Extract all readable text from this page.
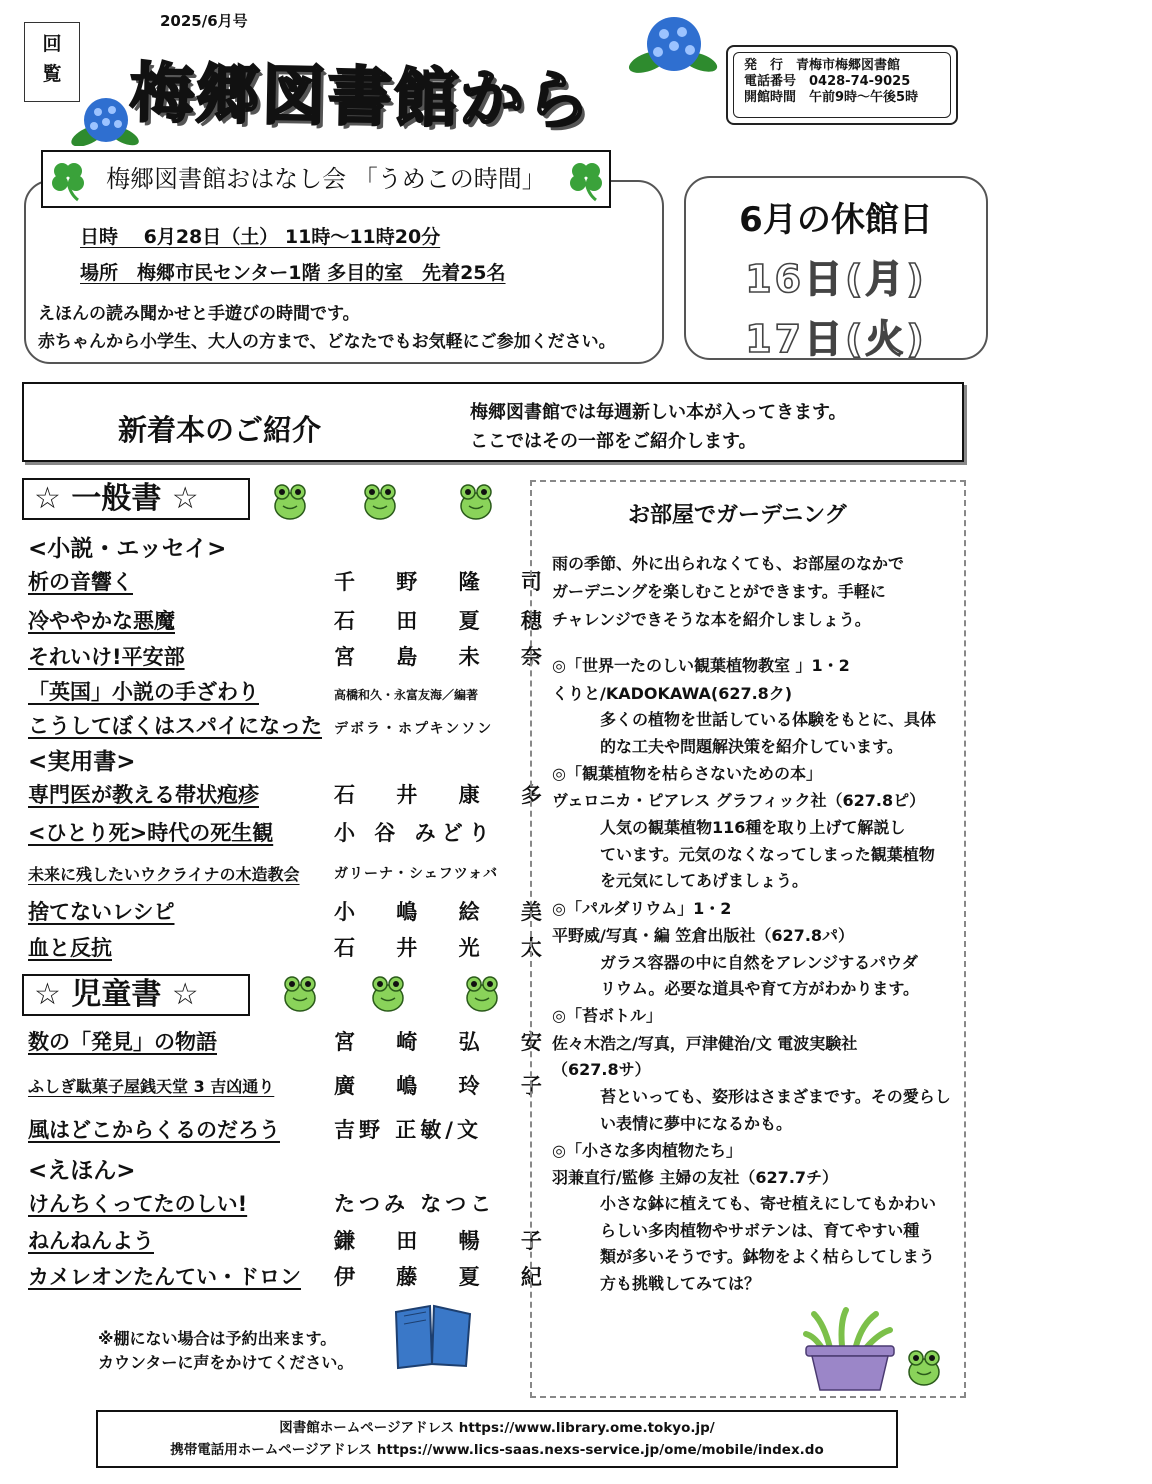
2025/6月号
回覧 梅郷図書館から	発　行　青梅市梅郷図書館
電話番号　0428-74-9025
開館時間　午前9時～午後5時
梅郷図書館おはなし会 「うめこの時間」
日時　 6月28日（土） 11時～11時20分
場所　梅郷市民センター1階 多目的室　先着25名
えほんの読み聞かせと手遊びの時間です。
赤ちゃんから小学生、大人の方まで、どなたでもお気軽にご参加ください。
6月の休館日
16日(月)
17日(火)
新着本のご紹介
梅郷図書館では毎週新しい本が入ってきます。
ここではその一部をご紹介します。
☆ 一般書 ☆
<小説・エッセイ>
析の音響く	千 野 隆 司
冷ややかな悪魔	石 田 夏 穂
それいけ!平安部	宮 島 未 奈
「英国」小説の手ざわり	高橋和久・永富友海／編著
こうしてぼくはスパイになった デボラ・ホプキンソン
<実用書>
専門医が教える帯状疱疹	石 井 康 多
<ひとり死>時代の死生観	小 谷 みどり
未来に残したいウクライナの木造教会 ガリーナ・シェフツォバ
捨てないレシピ	小 嶋 絵 美
血と反抗	石 井 光 太
☆ 児童書 ☆
数の「発見」の物語	宮 崎 弘 安
ふしぎ駄菓子屋銭天堂 3 吉凶通り	廣 嶋 玲 子
風はどこからくるのだろう	吉野 正敏/文
<えほん>
けんちくってたのしい!	たつみ なつこ
ねんねんよう	鎌 田 暢 子
カメレオンたんてい・ドロン 伊 藤 夏 紀
※棚にない場合は予約出来ます。
カウンターに声をかけてください。
お部屋でガーデニング
雨の季節、外に出られなくても、お部屋のなかで
ガーデニングを楽しむことができます。手軽に
チャレンジできそうな本を紹介しましょう。
◎「世界一たのしい観葉植物教室 」1・2
くりと/KADOKAWA(627.8ク)
多くの植物を世話している体験をもとに、具体
的な工夫や問題解決策を紹介しています。
◎「観葉植物を枯らさないための本」
ヴェロニカ・ピアレス グラフィック社（627.8ピ）
人気の観葉植物116種を取り上げて解説し
ています。元気のなくなってしまった観葉植物
を元気にしてあげましょう。
◎「パルダリウム」1・2
平野威/写真・編 笠倉出版社（627.8パ）
ガラス容器の中に自然をアレンジするパウダ
リウム。必要な道具や育て方がわかります。
◎「苔ボトル」
佐々木浩之/写真，戸津健治/文 電波実験社
（627.8サ）
苔といっても、姿形はさまざまです。その愛らし
い表情に夢中になるかも。
◎「小さな多肉植物たち」
羽兼直行/監修 主婦の友社（627.7チ）
小さな鉢に植えても、寄せ植えにしてもかわい
らしい多肉植物やサボテンは、育てやすい種
類が多いそうです。鉢物をよく枯らしてしまう
方も挑戦してみては？
図書館ホームページアドレス https://www.library.ome.tokyo.jp/
携帯電話用ホームページアドレス https://www.lics-saas.nexs-service.jp/ome/mobile/index.do
